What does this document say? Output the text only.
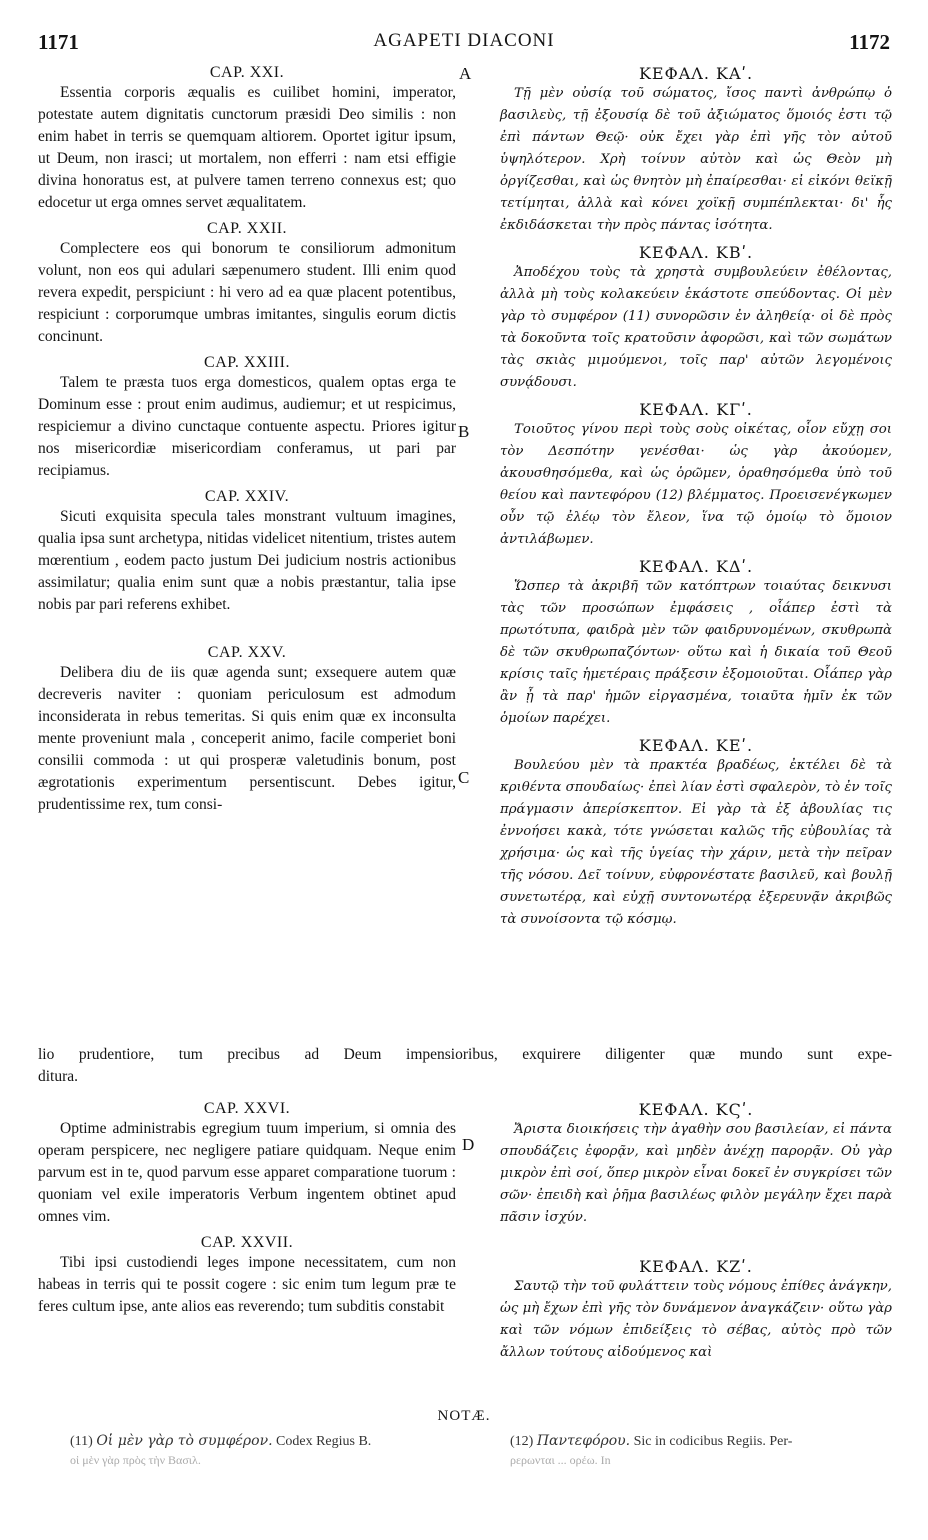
1171	AGAPETI DIACONI	1172
A
B
C
D

CAP. XXI.

Essentia corporis æqualis es cuilibet homini, imperator, potestate autem dignitatis cunctorum præsidi Deo similis : non enim habet in terris se quemquam altiorem. Oportet igitur ipsum, ut Deum, non irasci; ut mortalem, non efferri : nam etsi effigie divina honoratus est, at pulvere tamen terreno connexus est; quo edocetur ut erga omnes servet æqualitatem.

CAP. XXII.

Complectere eos qui bonorum te consiliorum admonitum volunt, non eos qui adulari sæpenumero student. Illi enim quod revera expedit, perspiciunt : hi vero ad ea quæ placent potentibus, respiciunt : corporumque umbras imitantes, singulis eorum dictis concinunt.

CAP. XXIII.

Talem te præsta tuos erga domesticos, qualem optas erga te Dominum esse : prout enim audimus, audiemur; et ut respicimus, respiciemur a divino cunctaque contuente aspectu. Priores igitur nos misericordiæ misericordiam conferamus, ut pari par recipiamus.

CAP. XXIV.

Sicuti exquisita specula tales monstrant vultuum imagines, qualia ipsa sunt archetypa, nitidas videlicet nitentium, tristes autem mœrentium , eodem pacto justum Dei judicium nostris actionibus assimilatur; qualia enim sunt quæ a nobis præstantur, talia ipse nobis par pari referens exhibet.

CAP. XXV.

Delibera diu de iis quæ agenda sunt; exsequere autem quæ decreveris naviter : quoniam periculosum est admodum inconsiderata in rebus temeritas. Si quis enim quæ ex inconsulta mente proveniunt mala , conceperit animo, facile comperiet boni consilii commoda : ut qui prosperæ valetudinis bonum, post ægrotationis experimentum persentiscunt. Debes igitur, prudentissime rex, tum consi-

ΚΕΦΑΛ. ΚΑʹ.

Τῇ μὲν οὐσίᾳ τοῦ σώματος, ἴσος παντὶ ἀνθρώπῳ ὁ βασιλεὺς, τῇ ἐξουσίᾳ δὲ τοῦ ἀξιώματος ὅμοιός ἐστι τῷ ἐπὶ πάντων Θεῷ· οὐκ ἔχει γὰρ ἐπὶ γῆς τὸν αὐτοῦ ὑψηλότερον. Χρὴ τοίνυν αὐτὸν καὶ ὡς Θεὸν μὴ ὀργίζεσθαι, καὶ ὡς θνητὸν μὴ ἐπαίρεσθαι· εἰ εἰκόνι θεϊκῇ τετίμηται, ἀλλὰ καὶ κόνει χοϊκῇ συμπέπλεκται· δι' ἧς ἐκδιδάσκεται τὴν πρὸς πάντας ἰσότητα.

ΚΕΦΑΛ. ΚΒʹ.

Ἀποδέχου τοὺς τὰ χρηστὰ συμβουλεύειν ἐθέλοντας, ἀλλὰ μὴ τοὺς κολακεύειν ἑκάστοτε σπεύδοντας. Οἱ μὲν γὰρ τὸ συμφέρον (11) συνορῶσιν ἐν ἀληθείᾳ· οἱ δὲ πρὸς τὰ δοκοῦντα τοῖς κρατοῦσιν ἀφορῶσι, καὶ τῶν σωμάτων τὰς σκιὰς μιμούμενοι, τοῖς παρ' αὐτῶν λεγομένοις συνᾴδουσι.

ΚΕΦΑΛ. ΚΓʹ.

Τοιοῦτος γίνου περὶ τοὺς σοὺς οἰκέτας, οἷον εὔχῃ σοι τὸν Δεσπότην γενέσθαι· ὡς γὰρ ἀκούομεν, ἀκουσθησόμεθα, καὶ ὡς ὁρῶμεν, ὁραθησόμεθα ὑπὸ τοῦ θείου καὶ παντεφόρου (12) βλέμματος. Προεισενέγκωμεν οὖν τῷ ἐλέῳ τὸν ἔλεον, ἵνα τῷ ὁμοίῳ τὸ ὅμοιον ἀντιλάβωμεν.

ΚΕΦΑΛ. ΚΔʹ.

Ὥσπερ τὰ ἀκριβῆ τῶν κατόπτρων τοιαύτας δεικνυσι τὰς τῶν προσώπων ἐμφάσεις , οἷάπερ ἐστὶ τὰ πρωτότυπα, φαιδρὰ μὲν τῶν φαιδρυνομένων, σκυθρωπὰ δὲ τῶν σκυθρωπαζόντων· οὕτω καὶ ἡ δικαία τοῦ Θεοῦ κρίσις ταῖς ἡμετέραις πράξεσιν ἐξομοιοῦται. Οἷάπερ γὰρ ἂν ᾖ τὰ παρ' ἡμῶν εἰργασμένα, τοιαῦτα ἡμῖν ἐκ τῶν ὁμοίων παρέχει.

ΚΕΦΑΛ. ΚΕʹ.

Βουλεύου μὲν τὰ πρακτέα βραδέως, ἐκτέλει δὲ τὰ κριθέντα σπουδαίως· ἐπεὶ λίαν ἐστὶ σφαλερὸν, τὸ ἐν τοῖς πράγμασιν ἀπερίσκεπτον. Εἰ γὰρ τὰ ἐξ ἀβουλίας τις ἐννοήσει κακὰ, τότε γνώσεται καλῶς τῆς εὐβουλίας τὰ χρήσιμα· ὡς καὶ τῆς ὑγείας τὴν χάριν, μετὰ τὴν πεῖραν τῆς νόσου. Δεῖ τοίνυν, εὐφρονέστατε βασιλεῦ, καὶ βουλῇ συνετωτέρᾳ, καὶ εὐχῇ συντονωτέρᾳ ἐξερευνᾷν ἀκριβῶς τὰ συνοίσοντα τῷ κόσμῳ.

lio prudentiore, tum precibus ad Deum impensioribus, exquirere diligenter quæ mundo sunt expe-
ditura.

CAP. XXVI.

Optime administrabis egregium tuum imperium, si omnia des operam perspicere, nec negligere patiare quidquam. Neque enim parvum est in te, quod parvum esse apparet comparatione tuorum : quoniam vel exile imperatoris Verbum ingentem obtinet apud omnes vim.

CAP. XXVII.

Tibi ipsi custodiendi leges impone necessitatem, cum non habeas in terris qui te possit cogere : sic enim tum legum præ te feres cultum ipse, ante alios eas reverendo; tum subditis constabit

ΚΕΦΑΛ. ΚϚʹ.

Ἄριστα διοικήσεις τὴν ἀγαθὴν σου βασιλείαν, εἰ πάντα σπουδάζεις ἐφορᾷν, καὶ μηδὲν ἀνέχῃ παρορᾷν. Οὐ γὰρ μικρὸν ἐπὶ σοί, ὅπερ μικρὸν εἶναι δοκεῖ ἐν συγκρίσει τῶν σῶν· ἐπειδὴ καὶ ῥῆμα βασιλέως φιλὸν μεγάλην ἔχει παρὰ πᾶσιν ἰσχύν.

ΚΕΦΑΛ. ΚΖʹ.

Σαυτῷ τὴν τοῦ φυλάττειν τοὺς νόμους ἐπίθες ἀνάγκην, ὡς μὴ ἔχων ἐπὶ γῆς τὸν δυνάμενον ἀναγκάζειν· οὕτω γὰρ καὶ τῶν νόμων ἐπιδείξεις τὸ σέβας, αὐτὸς πρὸ τῶν ἄλλων τούτους αἰδούμενος καὶ

NOTÆ.
(11) Οἱ μὲν γὰρ τὸ συμφέρον. Codex Regius B.
οἱ μὲν γὰρ πρὸς τὴν Βασιλ.
(12) Παντεφόρου. Sic in codicibus Regiis. Per-
ρερωνται ... ορέω. In
